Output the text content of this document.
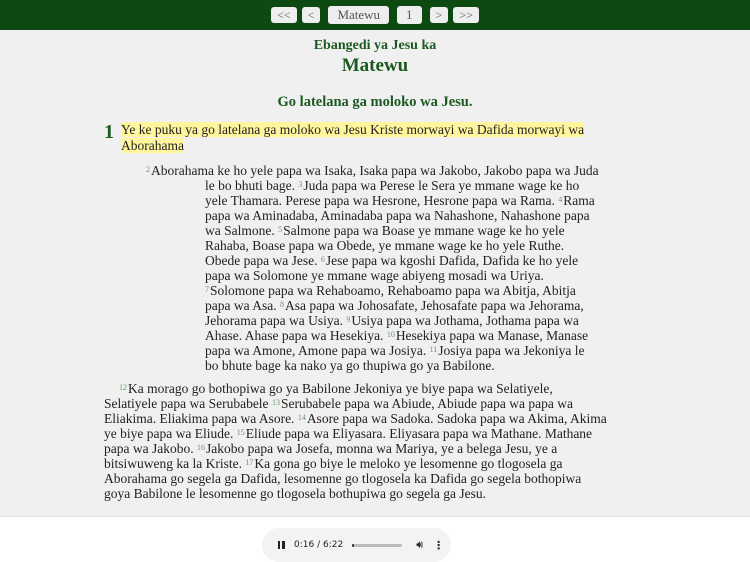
<<	<	Matewu	1	>	>>
Ebangedi ya Jesu ka
Matewu
Go latelana ga moloko wa Jesu.
1 Ye ke puku ya go latelana ga moloko wa Jesu Kriste morwayi wa Dafida morwayi wa Aborahama
$^2$Aborahama ke ho yele papa wa Isaka, Isaka papa wa Jakobo, Jakobo papa wa Juda le bo bhuti bage. $^3$Juda papa wa Perese le Sera ye mmane wage ke ho yele Thamara. Perese papa wa Hesrone, Hesrone papa wa Rama. $^4$Rama papa wa Aminadaba, Aminadaba papa wa Nahashone, Nahashone papa wa Salmone. $^5$Salmone papa wa Boase ye mmane wage ke ho yele Rahaba, Boase papa wa Obede, ye mmane wage ke ho yele Ruthe. Obede papa wa Jese. $^6$Jese papa wa kgoshi Dafida, Dafida ke ho yele papa wa Solomone ye mmane wage abiyeng mosadi wa Uriya. $^7$Solomone papa wa Rehaboamo, Rehaboamo papa wa Abitja, Abitja papa wa Asa. $^8$Asa papa wa Johosafate, Jehosafate papa wa Jehorama, Jehorama papa wa Usiya. $^9$Usiya papa wa Jothama, Jothama papa wa Ahase. Ahase papa wa Hesekiya. $^{10}$Hesekiya papa wa Manase, Manase papa wa Amone, Amone papa wa Josiya. $^{11}$Josiya papa wa Jekoniya le bo bhute bage ka nako ya go thupiwa go ya Babilone.
$^{12}$Ka morago go bothopiwa go ya Babilone Jekoniya ye biye papa wa Selatiyele, Selatiyele papa wa Serubabele $^{13}$Serubabele papa wa Abiude, Abiude papa wa papa wa Eliakima. Eliakima papa wa Asore. $^{14}$Asore papa wa Sadoka. Sadoka papa wa Akima, Akima ye biye papa wa Eliude. $^{15}$Eliude papa wa Eliyasara. Eliyasara papa wa Mathane. Mathane papa wa Jakobo. $^{16}$Jakobo papa wa Josefa, monna wa Mariya, ye a belega Jesu, ye a bitsiwuweng ka la Kriste. $^{17}$Ka gona go biye le meloko ye lesomenne go tlogosela ga Aborahama go segela ga Dafida, lesomenne go tlogosela ka Dafida go segela bothopiwa goya Babilone le lesomenne go tlogosela bothupiwa go segela ga Jesu.
0:16 / 6:22	🔊︎ ⋮
